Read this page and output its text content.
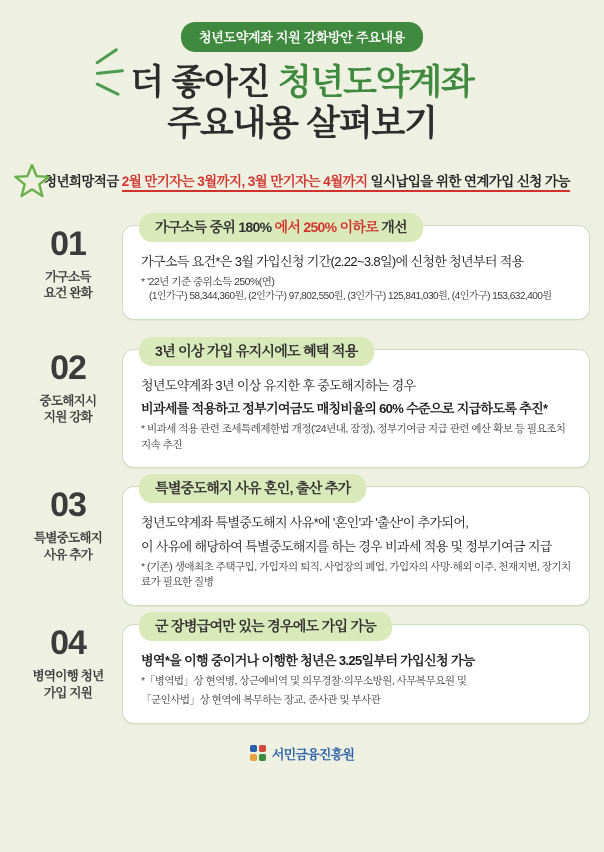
청년도약계좌 지원 강화방안 주요내용
더 좋아진 청년도약계좌
주요내용 살펴보기
청년희망적금 2월 만기자는 3월까지, 3월 만기자는 4월까지 일시납입을 위한 연계가입 신청 가능
01
가구소득
요건 완화
가구소득 중위 180% 에서 250% 이하로 개선

가구소득 요건*은 3월 가입신청 기간(2.22~3.8일)에 신청한 청년부터 적용

* '22년 기준 중위소득 250%(연)
(1인가구) 58,344,360원, (2인가구) 97,802,550원, (3인가구) 125,841,030원, (4인가구) 153,632,400원
02
중도해지시
지원 강화
3년 이상 가입 유지시에도 혜택 적용

청년도약계좌 3년 이상 유지한 후 중도해지하는 경우

비과세를 적용하고 정부기여금도 매칭비율의 60% 수준으로 지급하도록 추진*

* 비과세 적용 관련 조세특례제한법 개정('24년내, 잠정), 정부기여금 지급 관련 예산 확보 등 필요조치 지속 추진
03
특별중도해지
사유 추가
특별중도해지 사유 혼인, 출산 추가

청년도약계좌 특별중도해지 사유*에 '혼인'과 '출산'이 추가되어,

이 사유에 해당하여 특별중도해지를 하는 경우 비과세 적용 및 정부기여금 지급

* (기존) 생애최초 주택구입, 가입자의 퇴직, 사업장의 폐업, 가입자의 사망·해외 이주, 천재지변, 장기치료가 필요한 질병
04
병역이행 청년
가입 지원
군 장병급여만 있는 경우에도 가입 가능

병역*을 이행 중이거나 이행한 청년은 3.25일부터 가입신청 가능

*「병역법」상 현역병, 상근예비역 및 의무경찰·의무소방원, 사무복무요원 및
「군인사법」상 현역에 복무하는 장교, 준사관 및 부사관
서민금융진흥원
